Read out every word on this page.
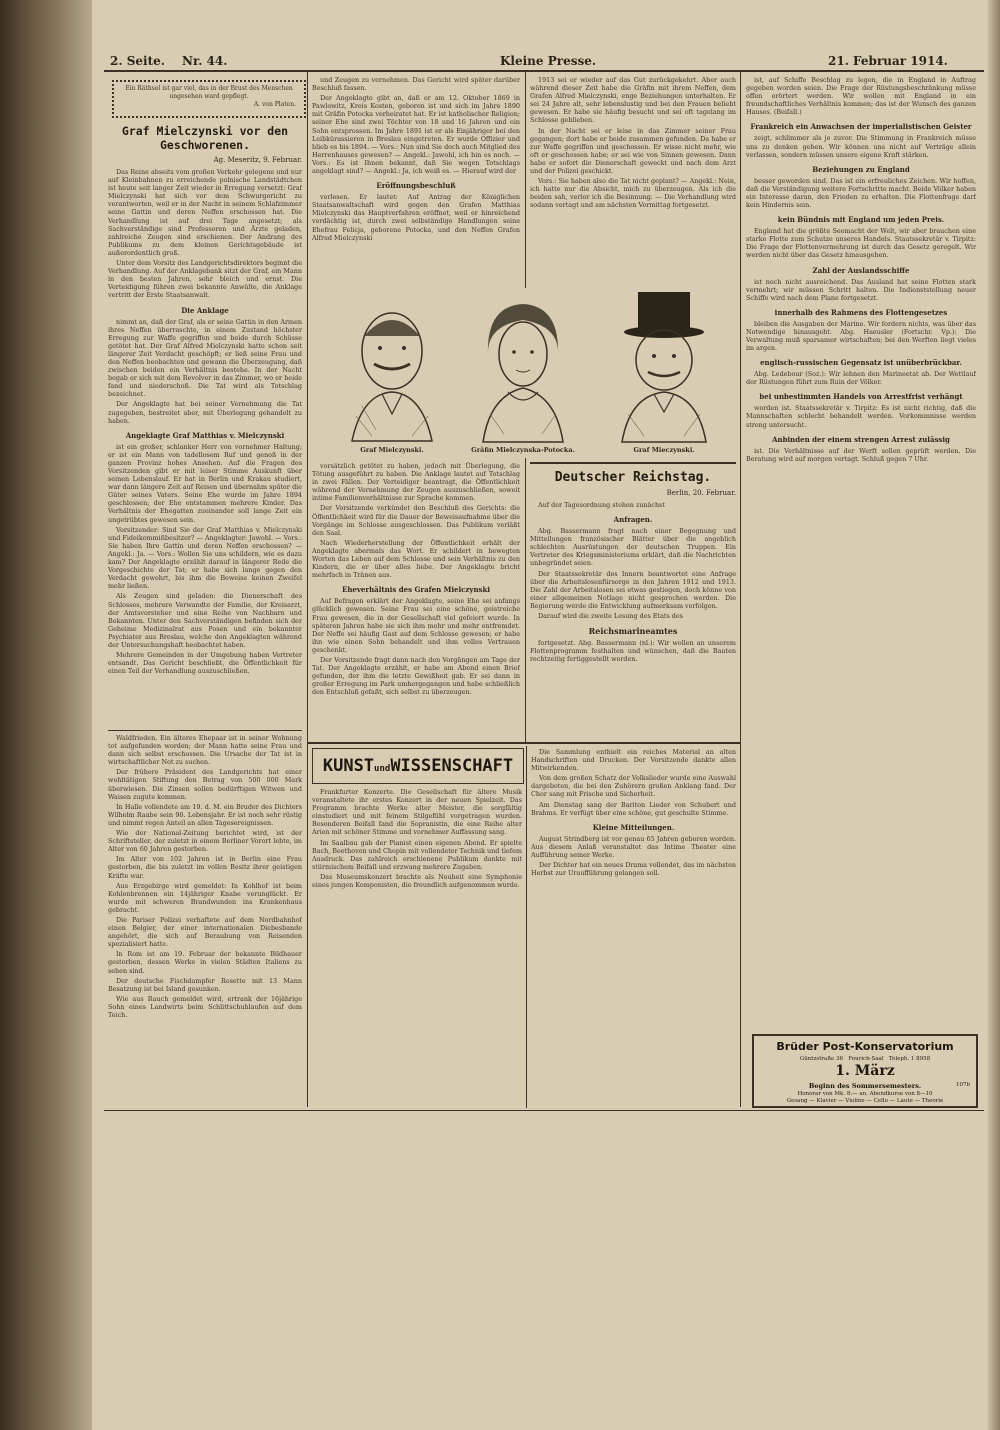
2. Seite. Nr. 44.	Kleine Presse.	21. Februar 1914.
Ein Räthsel ist gar viel, das in der Brust des Menschen ungesehen ward gepflegt.
A. von Platen.
Graf Mielczynski vor den Geschworenen.
Ag. Meseritz, 9. Februar.

Das Reine abseits vom großen Verkehr gelegene und nur auf Kleinbahnen zu erreichende polnische Landstädtchen ist heute seit langer Zeit wieder in Erregung versetzt: Graf Mielczynski hat sich vor dem Schwurgericht zu verantworten, weil er in der Nacht in seinem Schlafzimmer seine Gattin und deren Neffen erschossen hat. Die Verhandlung ist auf drei Tage angesetzt; als Sachverständige sind Professoren und Ärzte geladen, zahlreiche Zeugen sind erschienen. Der Andrang des Publikums zu dem kleinen Gerichtsgebäude ist außerordentlich groß.

Unter dem Vorsitz des Landgerichtsdirektors beginnt die Verhandlung. Auf der Anklagebank sitzt der Graf, ein Mann in den besten Jahren, sehr bleich und ernst. Die Verteidigung führen zwei bekannte Anwälte, die Anklage vertritt der Erste Staatsanwalt.

Die Anklage

nimmt an, daß der Graf, als er seine Gattin in den Armen ihres Neffen überraschte, in einem Zustand höchster Erregung zur Waffe gegriffen und beide durch Schüsse getötet hat. Der Graf Alfred Mielczynski hatte schon seit längerer Zeit Verdacht geschöpft; er ließ seine Frau und den Neffen beobachten und gewann die Überzeugung, daß zwischen beiden ein Verhältnis bestehe. In der Nacht begab er sich mit dem Revolver in das Zimmer, wo er beide fand und niederschoß. Die Tat wird als Totschlag bezeichnet.

Der Angeklagte hat bei seiner Vernehmung die Tat zugegeben, bestreitet aber, mit Überlegung gehandelt zu haben.

Angeklagte Graf Matthias v. Mielczynski

ist ein großer, schlanker Herr von vornehmer Haltung; er ist ein Mann von tadellosem Ruf und genoß in der ganzen Provinz hohes Ansehen. Auf die Fragen des Vorsitzenden gibt er mit leiser Stimme Auskunft über seinen Lebenslauf. Er hat in Berlin und Krakau studiert, war dann längere Zeit auf Reisen und übernahm später die Güter seines Vaters. Seine Ehe wurde im Jahre 1894 geschlossen; der Ehe entstammen mehrere Kinder. Das Verhältnis der Ehegatten zueinander soll lange Zeit ein ungetrübtes gewesen sein.

Vorsitzender: Sind Sie der Graf Matthias v. Mielczynski und Fideikommißbesitzer? — Angeklagter: Jawohl. — Vors.: Sie haben Ihre Gattin und deren Neffen erschossen? — Angekl.: Ja. — Vors.: Wollen Sie uns schildern, wie es dazu kam? Der Angeklagte erzählt darauf in längerer Rede die Vorgeschichte der Tat; er habe sich lange gegen den Verdacht gewehrt, bis ihm die Beweise keinen Zweifel mehr ließen.

Als Zeugen sind geladen: die Dienerschaft des Schlosses, mehrere Verwandte der Familie, der Kreisarzt, der Amtsvorsteher und eine Reihe von Nachbarn und Bekannten. Unter den Sachverständigen befinden sich der Geheime Medizinalrat aus Posen und ein bekannter Psychiater aus Breslau, welche den Angeklagten während der Untersuchungshaft beobachtet haben.

Mehrere Gemeinden in der Umgebung haben Vertreter entsandt. Das Gericht beschließt, die Öffentlichkeit für einen Teil der Verhandlung auszuschließen.

Waldfrieden. Ein älteres Ehepaar ist in seiner Wohnung tot aufgefunden worden; der Mann hatte seine Frau und dann sich selbst erschossen. Die Ursache der Tat ist in wirtschaftlicher Not zu suchen.

Der frühere Präsident des Landgerichts hat einer wohltätigen Stiftung den Betrag von 500 000 Mark überwiesen. Die Zinsen sollen bedürftigen Witwen und Waisen zugute kommen.

In Halle vollendete am 19. d. M. ein Bruder des Dichters Wilhelm Raabe sein 90. Lebensjahr. Er ist noch sehr rüstig und nimmt regen Anteil an allen Tagesereignissen.

Wie der National-Zeitung berichtet wird, ist der Schriftsteller, der zuletzt in einem Berliner Vorort lebte, im Alter von 60 Jahren gestorben.

Im Alter von 102 Jahren ist in Berlin eine Frau gestorben, die bis zuletzt im vollen Besitz ihrer geistigen Kräfte war.

Aus Erzgebirge wird gemeldet: In Kohlhof ist beim Kohlenbrennen ein 14jähriger Knabe verunglückt. Er wurde mit schweren Brandwunden ins Krankenhaus gebracht.

Die Pariser Polizei verhaftete auf dem Nordbahnhof einen Belgier, der einer internationalen Diebesbande angehört, die sich auf Beraubung von Reisenden spezialisiert hatte.

In Rom ist am 19. Februar der bekannte Bildhauer gestorben, dessen Werke in vielen Städten Italiens zu sehen sind.

Der deutsche Fischdampfer Rosette mit 13 Mann Besatzung ist bei Island gesunken.

Wie aus Rauch gemeldet wird, ertrank der 16jährige Sohn eines Landwirts beim Schlittschuhlaufen auf dem Teich.

und Zeugen zu vernehmen. Das Gericht wird später darüber Beschluß fassen.

Der Angeklagte gibt an, daß er am 12. Oktober 1869 in Pawlowitz, Kreis Kosten, geboren ist und sich im Jahre 1890 mit Gräfin Potocka verheiratet hat. Er ist katholischer Religion; seiner Ehe sind zwei Töchter von 18 und 16 Jahren und ein Sohn entsprossen. Im Jahre 1891 ist er als Einjähriger bei den Leibkürassieren in Breslau eingetreten. Er wurde Offizier und blieb es bis 1894. — Vors.: Nun sind Sie doch auch Mitglied des Herrenhauses gewesen? — Angekl.: Jawohl, ich bin es noch. — Vors.: Es ist Ihnen bekannt, daß Sie wegen Totschlags angeklagt sind? — Angekl.: Ja, ich weiß es. — Hierauf wird der

Eröffnungsbeschluß

verlesen. Er lautet: Auf Antrag der Königlichen Staatsanwaltschaft wird gegen den Grafen Matthias Mielczynski das Hauptverfahren eröffnet, weil er hinreichend verdächtig ist, durch zwei selbständige Handlungen seine Ehefrau Felicja, geborene Potocka, und den Neffen Grafen Alfred Mielczynski

1913 sei er wieder auf das Gut zurückgekehrt. Aber auch während dieser Zeit habe die Gräfin mit ihrem Neffen, dem Grafen Alfred Mielczynski, enge Beziehungen unterhalten. Er sei 24 Jahre alt, sehr lebenslustig und bei den Frauen beliebt gewesen. Er habe sie häufig besucht und sei oft tagelang im Schlosse geblieben.

In der Nacht sei er leise in das Zimmer seiner Frau gegangen; dort habe er beide zusammen gefunden. Da habe er zur Waffe gegriffen und geschossen. Er wisse nicht mehr, wie oft er geschossen habe; er sei wie von Sinnen gewesen. Dann habe er sofort die Dienerschaft geweckt und nach dem Arzt und der Polizei geschickt.

Vors.: Sie haben also die Tat nicht geplant? — Angekl.: Nein, ich hatte nur die Absicht, mich zu überzeugen. Als ich die beiden sah, verlor ich die Besinnung. — Die Verhandlung wird sodann vertagt und am nächsten Vormittag fortgesetzt.

Graf Mielczynski.	Gräfin Mielczynska-Potocka.	Graf Mieczynski.

vorsätzlich getötet zu haben, jedoch mit Überlegung, die Tötung ausgeführt zu haben. Die Anklage lautet auf Totschlag in zwei Fällen. Der Verteidiger beantragt, die Öffentlichkeit während der Vernehmung der Zeugen auszuschließen, soweit intime Familienverhältnisse zur Sprache kommen.

Der Vorsitzende verkündet den Beschluß des Gerichts: die Öffentlichkeit wird für die Dauer der Beweisaufnahme über die Vorgänge im Schlosse ausgeschlossen. Das Publikum verläßt den Saal.

Nach Wiederherstellung der Öffentlichkeit erhält der Angeklagte abermals das Wort. Er schildert in bewegten Worten das Leben auf dem Schlosse und sein Verhältnis zu den Kindern, die er über alles liebe. Der Angeklagte bricht mehrfach in Tränen aus.

Eheverhältnis des Grafen Mielczynski

Auf Befragen erklärt der Angeklagte, seine Ehe sei anfangs glücklich gewesen. Seine Frau sei eine schöne, geistreiche Frau gewesen, die in der Gesellschaft viel gefeiert wurde. In späteren Jahren habe sie sich ihm mehr und mehr entfremdet. Der Neffe sei häufig Gast auf dem Schlosse gewesen; er habe ihn wie einen Sohn behandelt und ihm volles Vertrauen geschenkt.

Der Vorsitzende fragt dann nach den Vorgängen am Tage der Tat. Der Angeklagte erzählt, er habe am Abend einen Brief gefunden, der ihm die letzte Gewißheit gab. Er sei dann in großer Erregung im Park umhergegangen und habe schließlich den Entschluß gefaßt, sich selbst zu überzeugen.

Deutscher Reichstag.
Berlin, 20. Februar.

Auf der Tagesordnung stehen zunächst

Anfragen.

Abg. Bassermann fragt nach einer Begegnung und Mitteilungen französischer Blätter über die angeblich schlechten Ausrüstungen der deutschen Truppen. Ein Vertreter des Kriegsministeriums erklärt, daß die Nachrichten unbegründet seien.

Der Staatssekretär des Innern beantwortet eine Anfrage über die Arbeitslosenfürsorge in den Jahren 1912 und 1913. Die Zahl der Arbeitslosen sei etwas gestiegen, doch könne von einer allgemeinen Notlage nicht gesprochen werden. Die Regierung werde die Entwicklung aufmerksam verfolgen.

Darauf wird die zweite Lesung des Etats des

Reichsmarineamtes

fortgesetzt. Abg. Bassermann (nl.): Wir wollen an unserem Flottenprogramm festhalten und wünschen, daß die Bauten rechtzeitig fertiggestellt werden.

ist, auf Schiffe Beschlag zu legen, die in England in Auftrag gegeben worden seien. Die Frage der Rüstungsbeschränkung müsse offen erörtert werden. Wir wollen mit England in ein freundschaftliches Verhältnis kommen; das ist der Wunsch des ganzen Hauses. (Beifall.)

Frankreich ein Anwachsen der imperialistischen Geister

zeigt, schlimmer als je zuvor. Die Stimmung in Frankreich müsse uns zu denken geben. Wir können uns nicht auf Verträge allein verlassen, sondern müssen unsere eigene Kraft stärken.

Beziehungen zu England

besser geworden sind. Das ist ein erfreuliches Zeichen. Wir hoffen, daß die Verständigung weitere Fortschritte macht. Beide Völker haben ein Interesse daran, den Frieden zu erhalten. Die Flottenfrage darf kein Hindernis sein.

kein Bündnis mit England um jeden Preis.

England hat die größte Seemacht der Welt, wir aber brauchen eine starke Flotte zum Schutze unseres Handels. Staatssekretär v. Tirpitz: Die Frage der Flottenvermehrung ist durch das Gesetz geregelt. Wir werden nicht über das Gesetz hinausgehen.

Zahl der Auslandsschiffe

ist noch nicht ausreichend. Das Ausland hat seine Flotten stark vermehrt; wir müssen Schritt halten. Die Indienststellung neuer Schiffe wird nach dem Plane fortgesetzt.

innerhalb des Rahmens des Flottengesetzes

bleiben die Ausgaben der Marine. Wir fordern nichts, was über das Notwendige hinausgeht. Abg. Haeusler (Fortschr. Vp.): Die Verwaltung muß sparsamer wirtschaften; bei den Werften liegt vieles im argen.

englisch-russischen Gegensatz ist unüberbrückbar.

Abg. Ledebour (Soz.): Wir lehnen den Marineetat ab. Der Wettlauf der Rüstungen führt zum Ruin der Völker.

bei unbestimmten Handels von Arrestfrist verhängt

worden ist. Staatssekretär v. Tirpitz: Es ist nicht richtig, daß die Mannschaften schlecht behandelt werden. Vorkommnisse werden streng untersucht.

Anbinden der einem strengen Arrest zulässig

ist. Die Verhältnisse auf der Werft sollen geprüft werden. Die Beratung wird auf morgen vertagt. Schluß gegen 7 Uhr.

KUNSTundWISSENSCHAFT

Frankfurter Konzerte. Die Gesellschaft für ältere Musik veranstaltete ihr erstes Konzert in der neuen Spielzeit. Das Programm brachte Werke alter Meister, die sorgfältig einstudiert und mit feinem Stilgefühl vorgetragen wurden. Besonderen Beifall fand die Sopranistin, die eine Reihe alter Arien mit schöner Stimme und vornehmer Auffassung sang.

Im Saalbau gab der Pianist einen eigenen Abend. Er spielte Bach, Beethoven und Chopin mit vollendeter Technik und tiefem Ausdruck. Das zahlreich erschienene Publikum dankte mit stürmischem Beifall und erzwang mehrere Zugaben.

Das Museumskonzert brachte als Neuheit eine Symphonie eines jungen Komponisten, die freundlich aufgenommen wurde.

Die Sammlung enthielt ein reiches Material an alten Handschriften und Drucken. Der Vorsitzende dankte allen Mitwirkenden.

Von dem großen Schatz der Volkslieder wurde eine Auswahl dargeboten, die bei den Zuhörern großen Anklang fand. Der Chor sang mit Frische und Sicherheit.

Am Dienstag sang der Bariton Lieder von Schubert und Brahms. Er verfügt über eine schöne, gut geschulte Stimme.

Kleine Mitteilungen.

August Strindberg ist vor genau 65 Jahren geboren worden. Aus diesem Anlaß veranstaltet das Intime Theater eine Aufführung seiner Werke.

Der Dichter hat ein neues Drama vollendet, das im nächsten Herbst zur Uraufführung gelangen soll.

Brüder Post-Konservatorium
Güntzstraße 36 Fourich-Saal Teleph. 1 8958
1. März
Beginn des Sommersemesters.	107b
Honorar von Mk. 8.— an. Abendkurse von 8—10
Gesang — Klavier — Violine — Cello — Laute — Theorie
